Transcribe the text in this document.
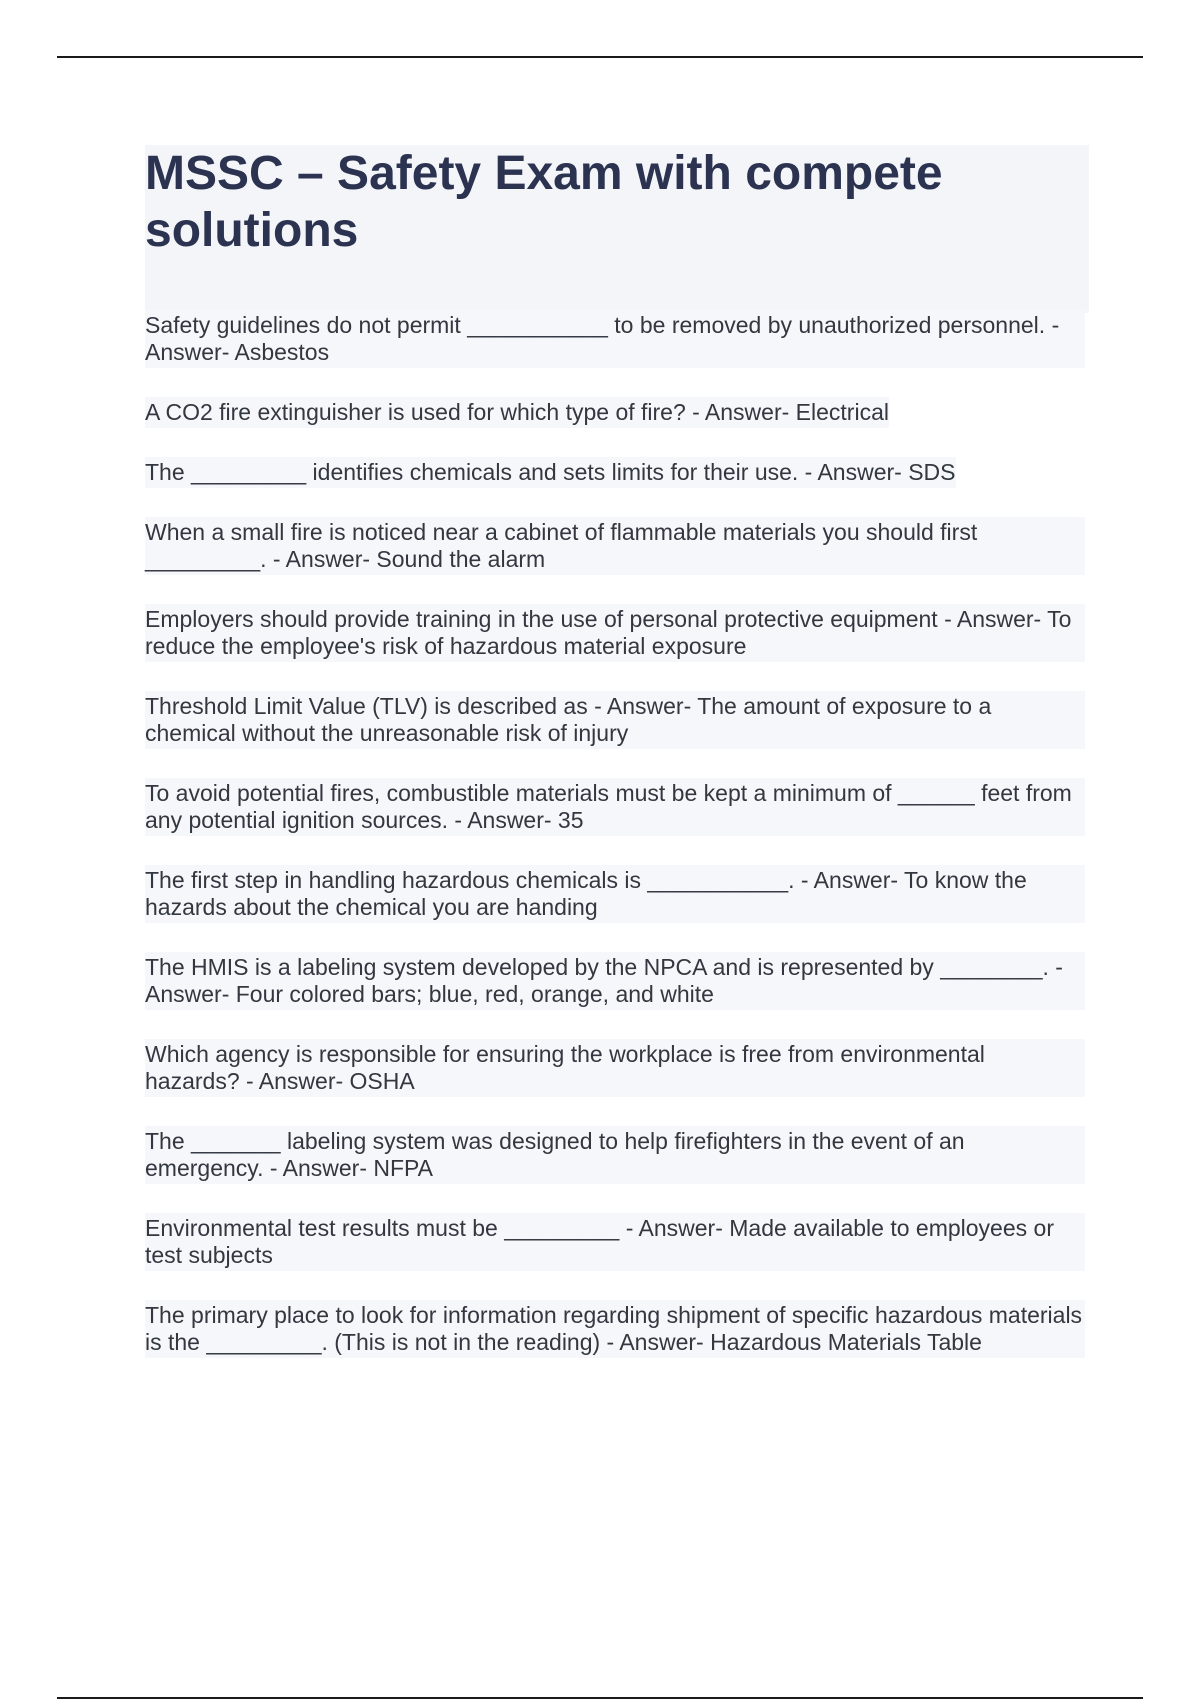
MSSC – Safety Exam with compete solutions

Safety guidelines do not permit ___________ to be removed by unauthorized personnel. - Answer- Asbestos

A CO2 fire extinguisher is used for which type of fire? - Answer- Electrical

The _________ identifies chemicals and sets limits for their use. - Answer- SDS

When a small fire is noticed near a cabinet of flammable materials you should first _________. - Answer- Sound the alarm

Employers should provide training in the use of personal protective equipment - Answer- To reduce the employee's risk of hazardous material exposure

Threshold Limit Value (TLV) is described as - Answer- The amount of exposure to a chemical without the unreasonable risk of injury

To avoid potential fires, combustible materials must be kept a minimum of ______ feet from any potential ignition sources. - Answer- 35

The first step in handling hazardous chemicals is ___________. - Answer- To know the hazards about the chemical you are handing

The HMIS is a labeling system developed by the NPCA and is represented by ________. - Answer- Four colored bars; blue, red, orange, and white

Which agency is responsible for ensuring the workplace is free from environmental hazards? - Answer- OSHA

The _______ labeling system was designed to help firefighters in the event of an emergency. - Answer- NFPA

Environmental test results must be _________ - Answer- Made available to employees or test subjects

The primary place to look for information regarding shipment of specific hazardous materials is the _________. (This is not in the reading) - Answer- Hazardous Materials Table
